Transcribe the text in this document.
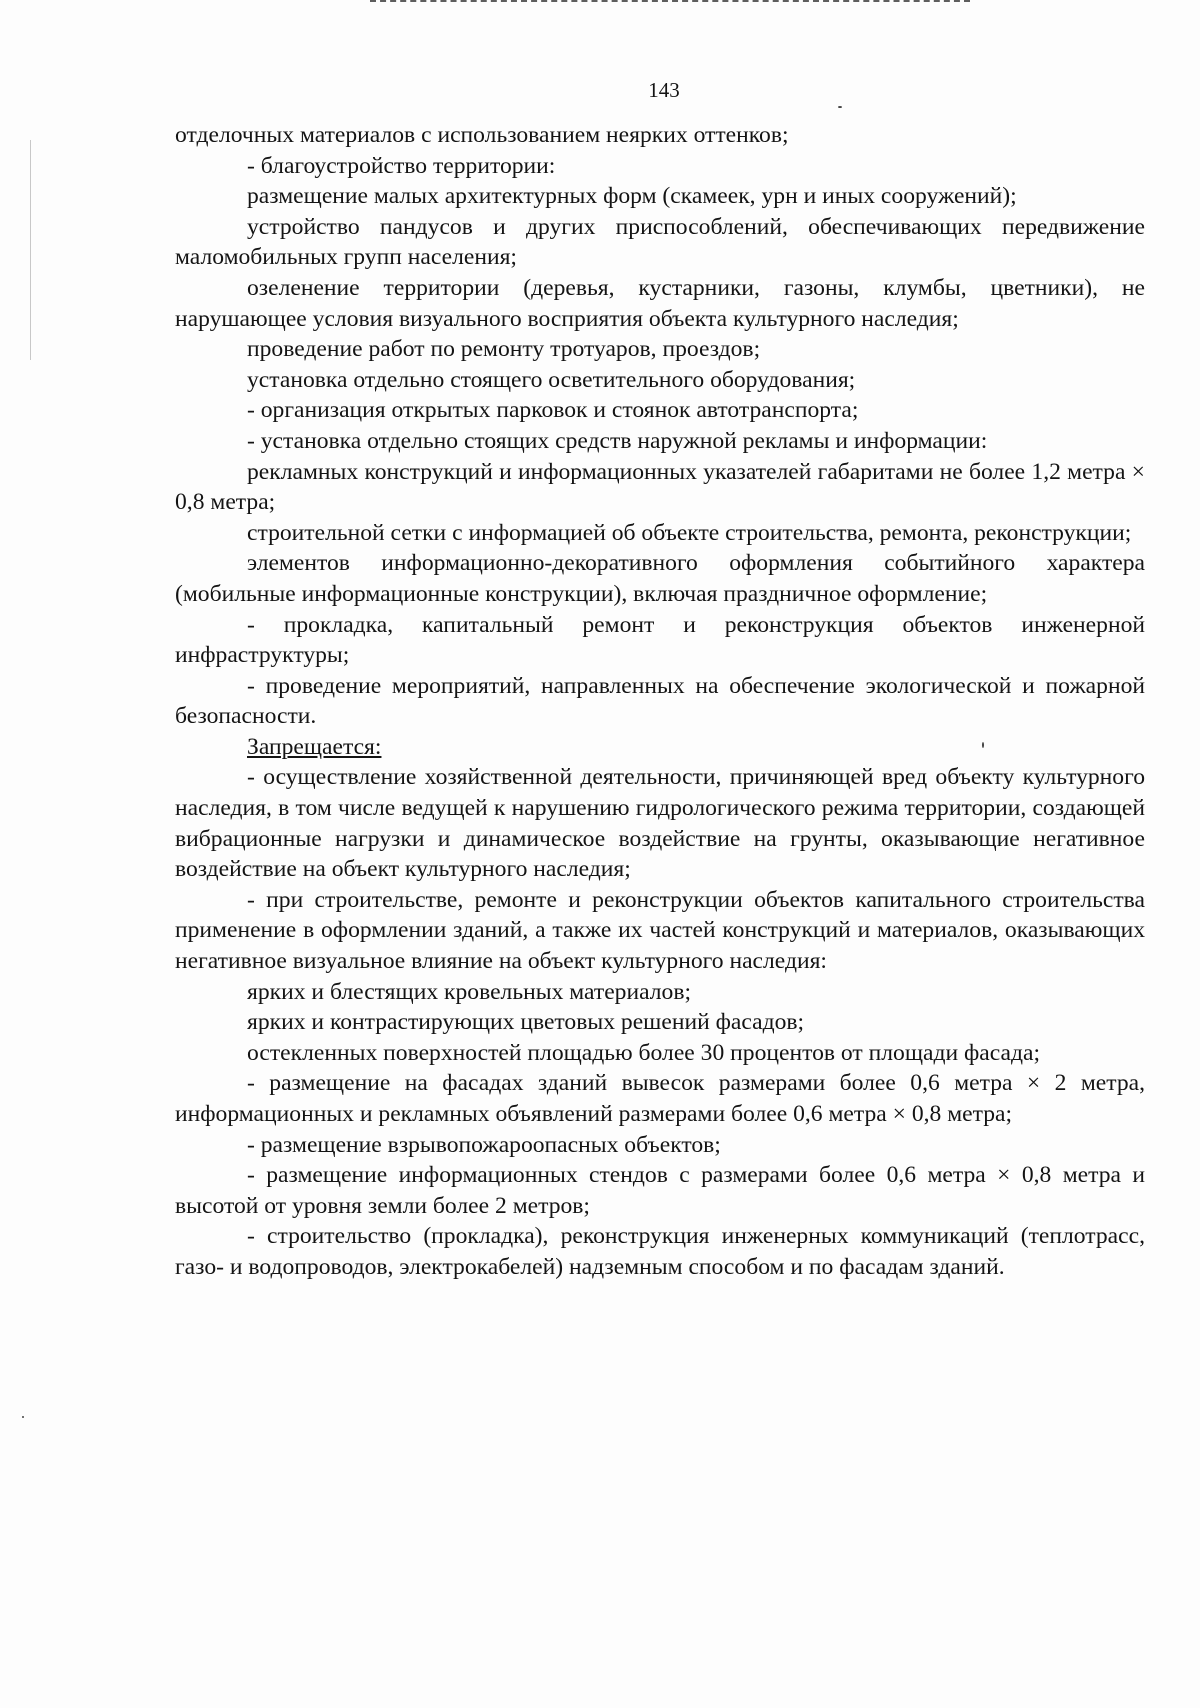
143

отделочных материалов с использованием неярких оттенков;

- благоустройство территории:

размещение малых архитектурных форм (скамеек, урн и иных сооружений);

устройство пандусов и других приспособлений, обеспечивающих передвижение маломобильных групп населения;

озеленение территории (деревья, кустарники, газоны, клумбы, цветники), не нарушающее условия визуального восприятия объекта культурного наследия;

проведение работ по ремонту тротуаров, проездов;

установка отдельно стоящего осветительного оборудования;

- организация открытых парковок и стоянок автотранспорта;

- установка отдельно стоящих средств наружной рекламы и информации:

рекламных конструкций и информационных указателей габаритами не более 1,2 метра × 0,8 метра;

строительной сетки с информацией об объекте строительства, ремонта, реконструкции;

элементов информационно-декоративного оформления событийного характера (мобильные информационные конструкции), включая праздничное оформление;

- прокладка, капитальный ремонт и реконструкция объектов инженерной инфраструктуры;

- проведение мероприятий, направленных на обеспечение экологической и пожарной безопасности.

Запрещается:

- осуществление хозяйственной деятельности, причиняющей вред объекту культурного наследия, в том числе ведущей к нарушению гидрологического режима территории, создающей вибрационные нагрузки и динамическое воздействие на грунты, оказывающие негативное воздействие на объект культурного наследия;

- при строительстве, ремонте и реконструкции объектов капитального строительства применение в оформлении зданий, а также их частей конструкций и материалов, оказывающих негативное визуальное влияние на объект культурного наследия:

ярких и блестящих кровельных материалов;

ярких и контрастирующих цветовых решений фасадов;

остекленных поверхностей площадью более 30 процентов от площади фасада;

- размещение на фасадах зданий вывесок размерами более 0,6 метра × 2 метра, информационных и рекламных объявлений размерами более 0,6 метра × 0,8 метра;

- размещение взрывопожароопасных объектов;

- размещение информационных стендов с размерами более 0,6 метра × 0,8 метра и высотой от уровня земли более 2 метров;

- строительство (прокладка), реконструкция инженерных коммуникаций (теплотрасс, газо- и водопроводов, электрокабелей) надземным способом и по фасадам зданий.
